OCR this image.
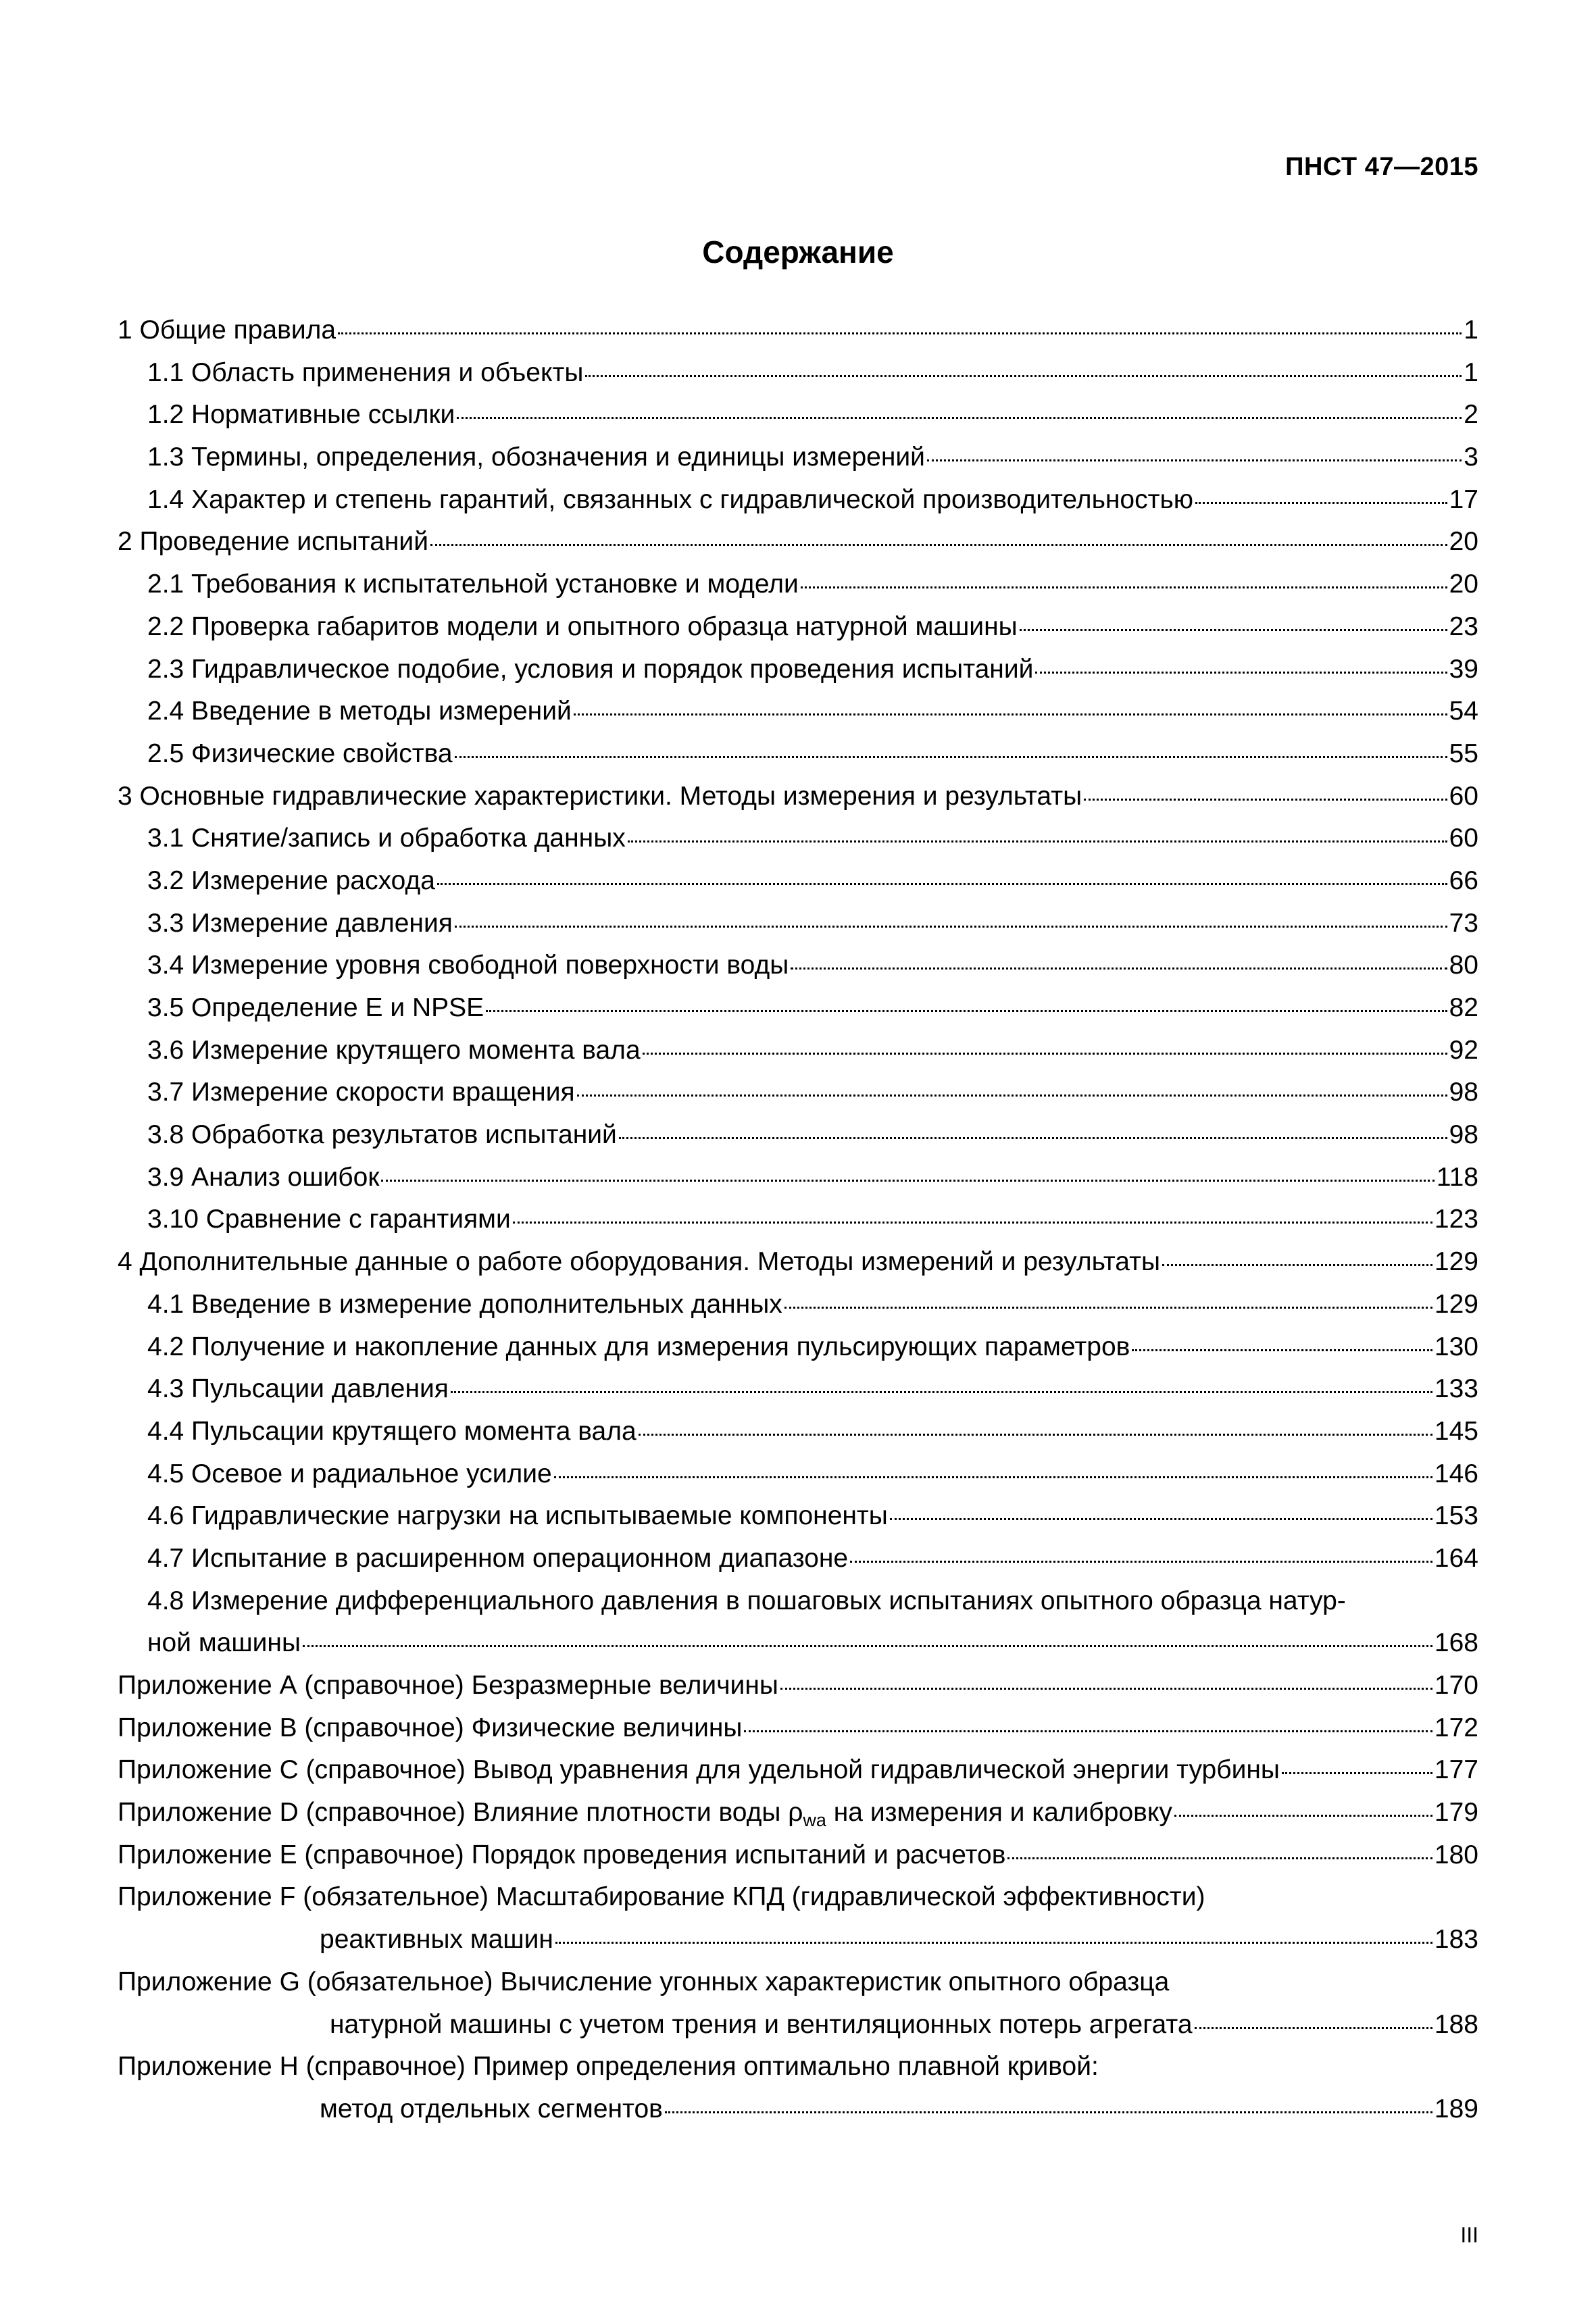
ПНСТ 47—2015
Содержание
1 Общие правила	1
1.1 Область применения и объекты	1
1.2 Нормативные ссылки	2
1.3 Термины, определения, обозначения и единицы измерений	3
1.4 Характер и степень гарантий, связанных с гидравлической производительностью	17
2 Проведение испытаний	20
2.1 Требования к испытательной установке и модели	20
2.2 Проверка габаритов модели и опытного образца натурной машины	23
2.3 Гидравлическое подобие, условия и порядок проведения испытаний	39
2.4 Введение в методы измерений	54
2.5 Физические свойства	55
3 Основные гидравлические характеристики. Методы измерения и результаты	60
3.1 Снятие/запись и обработка данных	60
3.2 Измерение расхода	66
3.3 Измерение давления	73
3.4 Измерение уровня свободной поверхности воды	80
3.5 Определение E и NPSE	82
3.6 Измерение крутящего момента вала	92
3.7 Измерение скорости вращения	98
3.8 Обработка результатов испытаний	98
3.9 Анализ ошибок	118
3.10 Сравнение с гарантиями	123
4 Дополнительные данные о работе оборудования. Методы измерений и результаты	129
4.1 Введение в измерение дополнительных данных	129
4.2 Получение и накопление данных для измерения пульсирующих параметров	130
4.3 Пульсации давления	133
4.4 Пульсации крутящего момента вала	145
4.5 Осевое и радиальное усилие	146
4.6 Гидравлические нагрузки на испытываемые компоненты	153
4.7 Испытание в расширенном операционном диапазоне	164
4.8 Измерение дифференциального давления в пошаговых испытаниях опытного образца натур-
ной машины	168
Приложение А (справочное) Безразмерные величины	170
Приложение В (справочное) Физические величины	172
Приложение С (справочное) Вывод уравнения для удельной гидравлической энергии турбины	177
Приложение D (справочное) Влияние плотности воды $\rho_{wa}$ на измерения и калибровку	179
Приложение E (справочное) Порядок проведения испытаний и расчетов	180
Приложение F (обязательное) Масштабирование КПД (гидравлической эффективности)
реактивных машин	183
Приложение G (обязательное) Вычисление угонных характеристик опытного образца
натурной машины с учетом трения и вентиляционных потерь агрегата	188
Приложение H (справочное) Пример определения оптимально плавной кривой:
метод отдельных сегментов	189
III
